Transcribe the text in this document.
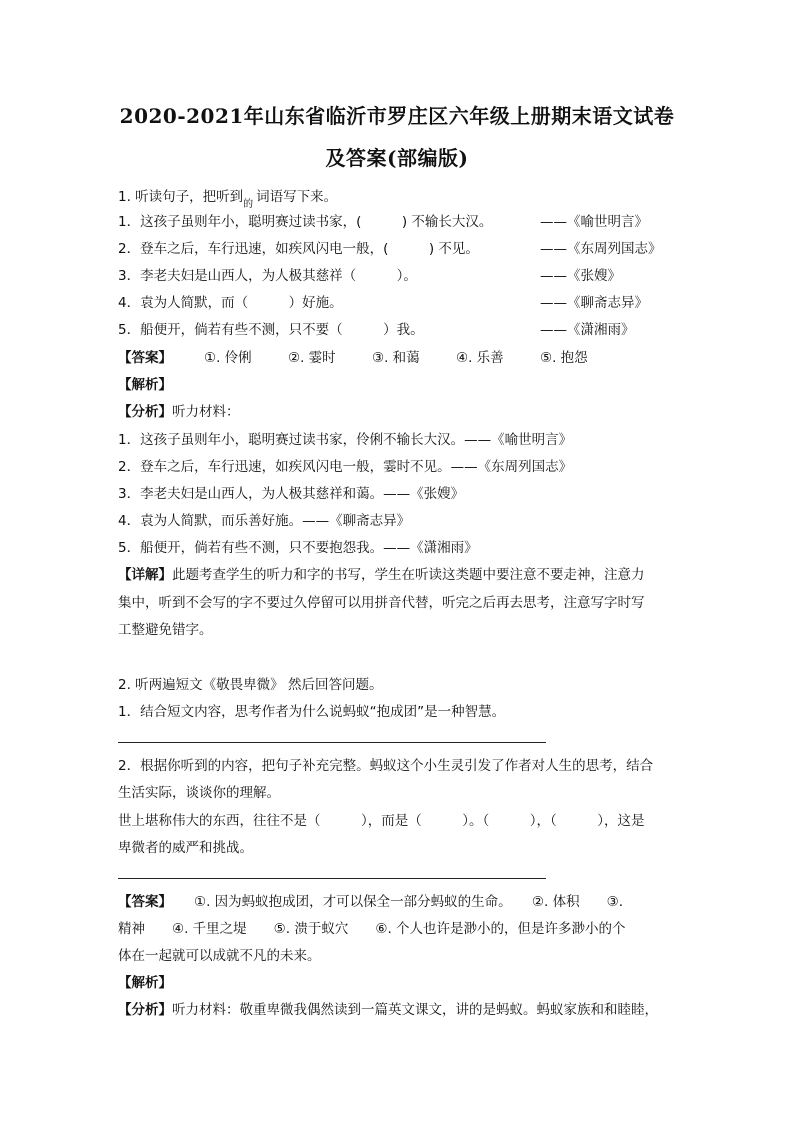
2020-2021年山东省临沂市罗庄区六年级上册期末语文试卷
及答案(部编版)
1. 听读句子，把听到 的 词语写下来。
1．这孩子虽则年小，聪明赛过读书家，(　　　) 不输长大汉。	——《喻世明言》
2．登车之后，车行迅速，如疾风闪电一般，(　　　) 不见。	——《东周列国志》
3．李老夫妇是山西人，为人极其慈祥（　　　）。	——《张嫂》
4．袁为人简默，而（　　　）好施。	——《聊斋志异》
5．船便开，倘若有些不测，只不要（　　　）我。	——《潇湘雨》
【答案】 ①. 伶俐	②. 霎时	③. 和蔼	④. 乐善	⑤. 抱怨
【解析】
【分析】听力材料：
1．这孩子虽则年小，聪明赛过读书家，伶俐不输长大汉。——《喻世明言》
2．登车之后，车行迅速，如疾风闪电一般，霎时不见。——《东周列国志》
3．李老夫妇是山西人，为人极其慈祥和蔼。——《张嫂》
4．袁为人简默，而乐善好施。——《聊斋志异》
5．船便开，倘若有些不测，只不要抱怨我。——《潇湘雨》
【详解】此题考查学生的听力和字的书写，学生在听读这类题中要注意不要走神，注意力
集中，听到不会写的字不要过久停留可以用拼音代替，听完之后再去思考，注意写字时写
工整避免错字。
2. 听两遍短文《敬畏卑微》 然后回答问题。
1．结合短文内容，思考作者为什么说蚂蚁“抱成团”是一种智慧。
2．根据你听到的内容，把句子补充完整。蚂蚁这个小生灵引发了作者对人生的思考，结合
生活实际，谈谈你的理解。
世上堪称伟大的东西，往往不是（　　　），而是（　　　）。（　　　），（　　　），这是
卑微者的威严和挑战。
【答案】 ①. 因为蚂蚁抱成团，才可以保全一部分蚂蚁的生命。　　②. 体积　　③.
精神　　④. 千里之堤　　⑤. 溃于蚁穴　　⑥. 个人也许是渺小的，但是许多渺小的个
体在一起就可以成就不凡的未来。
【解析】
【分析】听力材料：敬重卑微我偶然读到一篇英文课文，讲的是蚂蚁。蚂蚁家族和和睦睦，
